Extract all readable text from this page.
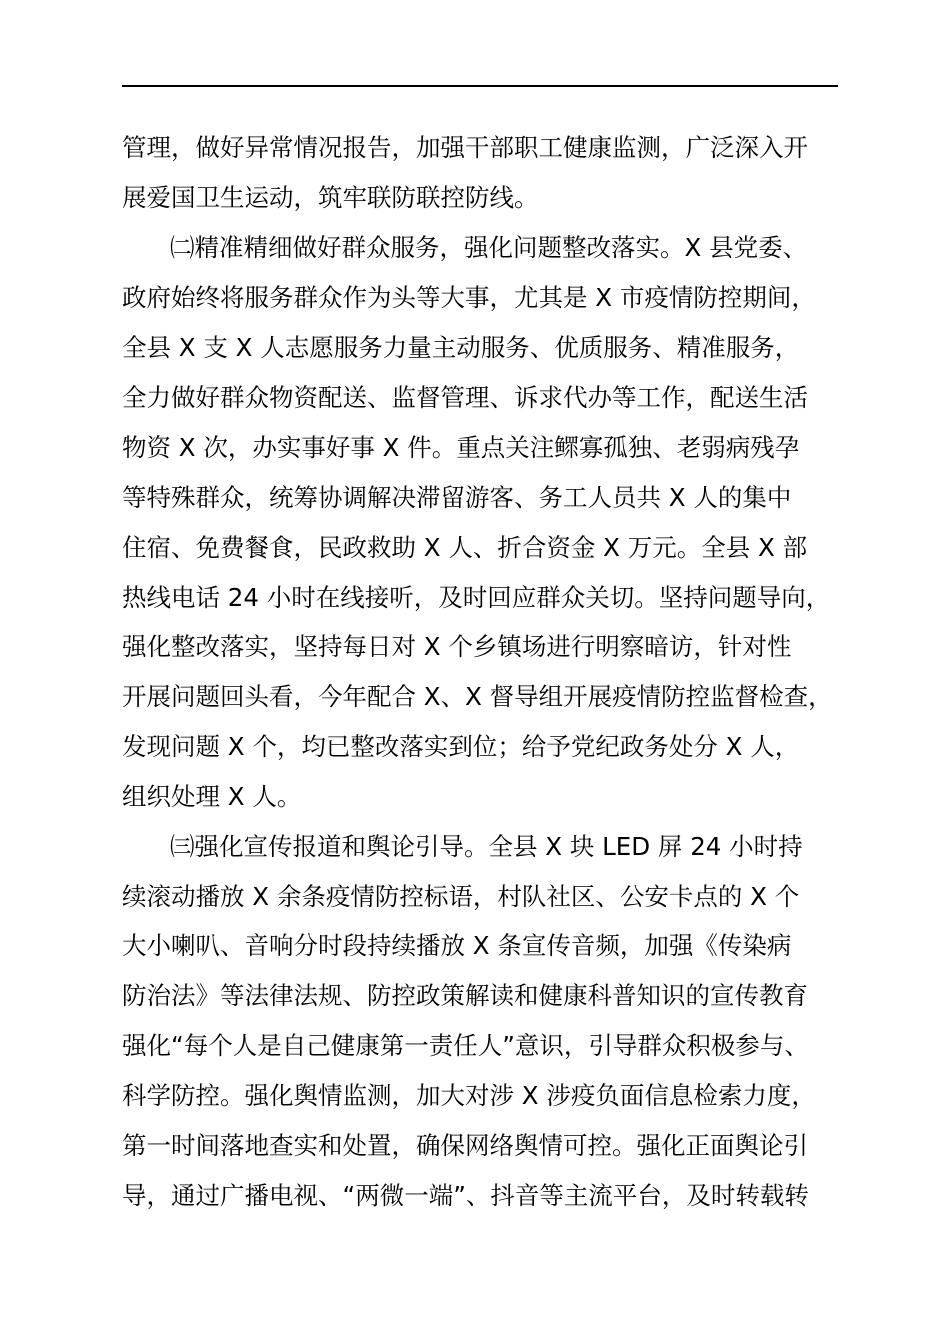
管理，做好异常情况报告，加强干部职工健康监测，广泛深入开
展爱国卫生运动，筑牢联防联控防线。
㈡精准精细做好群众服务，强化问题整改落实。X 县党委、
政府始终将服务群众作为头等大事，尤其是 X 市疫情防控期间，
全县 X 支 X 人志愿服务力量主动服务、优质服务、精准服务，
全力做好群众物资配送、监督管理、诉求代办等工作，配送生活
物资 X 次，办实事好事 X 件。重点关注鳏寡孤独、老弱病残孕
等特殊群众，统筹协调解决滞留游客、务工人员共 X 人的集中
住宿、免费餐食，民政救助 X 人、折合资金 X 万元。全县 X 部
热线电话 24 小时在线接听，及时回应群众关切。坚持问题导向，
强化整改落实，坚持每日对 X 个乡镇场进行明察暗访，针对性
开展问题回头看，今年配合 X、X 督导组开展疫情防控监督检查，
发现问题 X 个，均已整改落实到位；给予党纪政务处分 X 人，
组织处理 X 人。
㈢强化宣传报道和舆论引导。全县 X 块 LED 屏 24 小时持
续滚动播放 X 余条疫情防控标语，村队社区、公安卡点的 X 个
大小喇叭、音响分时段持续播放 X 条宣传音频，加强《传染病
防治法》等法律法规、防控政策解读和健康科普知识的宣传教育
强化“每个人是自己健康第一责任人”意识，引导群众积极参与、
科学防控。强化舆情监测，加大对涉 X 涉疫负面信息检索力度，
第一时间落地查实和处置，确保网络舆情可控。强化正面舆论引
导，通过广播电视、“两微一端”、抖音等主流平台，及时转载转
